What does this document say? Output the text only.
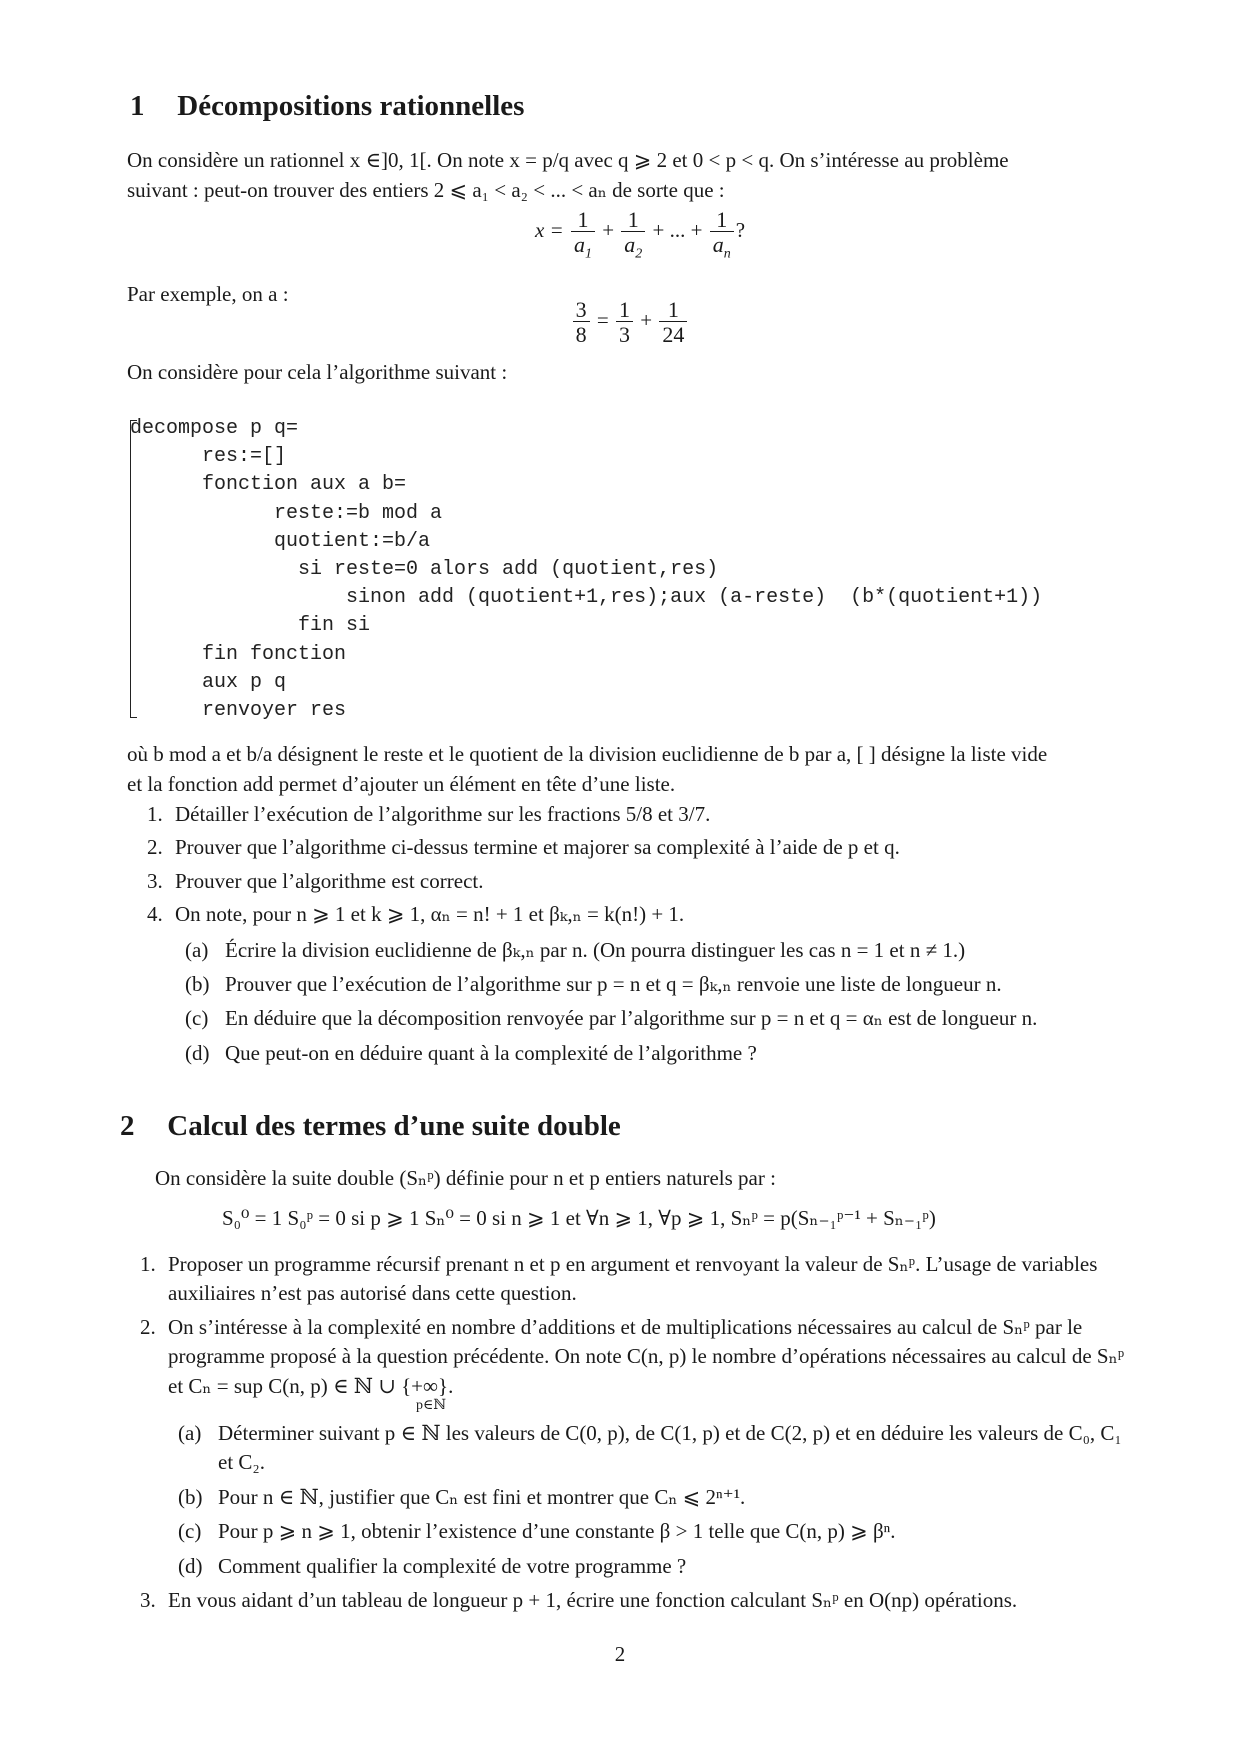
1 Décompositions rationnelles
On considère un rationnel x ∈]0, 1[. On note x = p/q avec q ⩾ 2 et 0 < p < q. On s’intéresse au problème
suivant : peut-on trouver des entiers 2 ⩽ a₁ < a₂ < ... < aₙ de sorte que :
$x = \frac{1}{a_1} + \frac{1}{a_2}$ + ... + $\frac{1}{a_n}$ ?
Par exemple, on a :
$\frac{3}{8} = \frac{1}{3} + \frac{1}{24}$
On considère pour cela l’algorithme suivant :
decompose p q=
res:=[]
fonction aux a b=
reste:=b mod a
quotient:=b/a
si reste=0 alors add (quotient,res)
sinon add (quotient+1,res);aux (a-reste)  (b*(quotient+1))
fin si
fin fonction
aux p q
renvoyer res
où b mod a et b/a désignent le reste et le quotient de la division euclidienne de b par a, [ ] désigne la liste vide
et la fonction add permet d’ajouter un élément en tête d’une liste.
1. Détailler l’exécution de l’algorithme sur les fractions 5/8 et 3/7.
2. Prouver que l’algorithme ci-dessus termine et majorer sa complexité à l’aide de p et q.
3. Prouver que l’algorithme est correct.
4. On note, pour n ⩾ 1 et k ⩾ 1, αₙ = n! + 1 et βₖ,ₙ = k(n!) + 1.
(a) Écrire la division euclidienne de βₖ,ₙ par n. (On pourra distinguer les cas n = 1 et n ≠ 1.)
(b) Prouver que l’exécution de l’algorithme sur p = n et q = βₖ,ₙ renvoie une liste de longueur n.
(c) En déduire que la décomposition renvoyée par l’algorithme sur p = n et q = αₙ est de longueur n.
(d) Que peut-on en déduire quant à la complexité de l’algorithme ?
2 Calcul des termes d’une suite double
On considère la suite double (Sₙᵖ) définie pour n et p entiers naturels par :
S₀⁰ = 1 S₀ᵖ = 0 si p ⩾ 1 Sₙ⁰ = 0 si n ⩾ 1 et ∀n ⩾ 1, ∀p ⩾ 1, Sₙᵖ = p(Sₙ₋₁ᵖ⁻¹ + Sₙ₋₁ᵖ)
1. Proposer un programme récursif prenant n et p en argument et renvoyant la valeur de Sₙᵖ. L’usage de variables auxiliaires n’est pas autorisé dans cette question.
2. On s’intéresse à la complexité en nombre d’additions et de multiplications nécessaires au calcul de Sₙᵖ par le programme proposé à la question précédente. On note C(n, p) le nombre d’opérations nécessaires au calcul de Sₙᵖ et Cₙ = sup C(n, p) ∈ ℕ ∪ {+∞}.
p∈ℕ
(a) Déterminer suivant p ∈ ℕ les valeurs de C(0, p), de C(1, p) et de C(2, p) et en déduire les valeurs de C₀, C₁ et C₂.
(b) Pour n ∈ ℕ, justifier que Cₙ est fini et montrer que Cₙ ⩽ 2ⁿ⁺¹.
(c) Pour p ⩾ n ⩾ 1, obtenir l’existence d’une constante β > 1 telle que C(n, p) ⩾ βⁿ.
(d) Comment qualifier la complexité de votre programme ?
3. En vous aidant d’un tableau de longueur p + 1, écrire une fonction calculant Sₙᵖ en O(np) opérations.
2
